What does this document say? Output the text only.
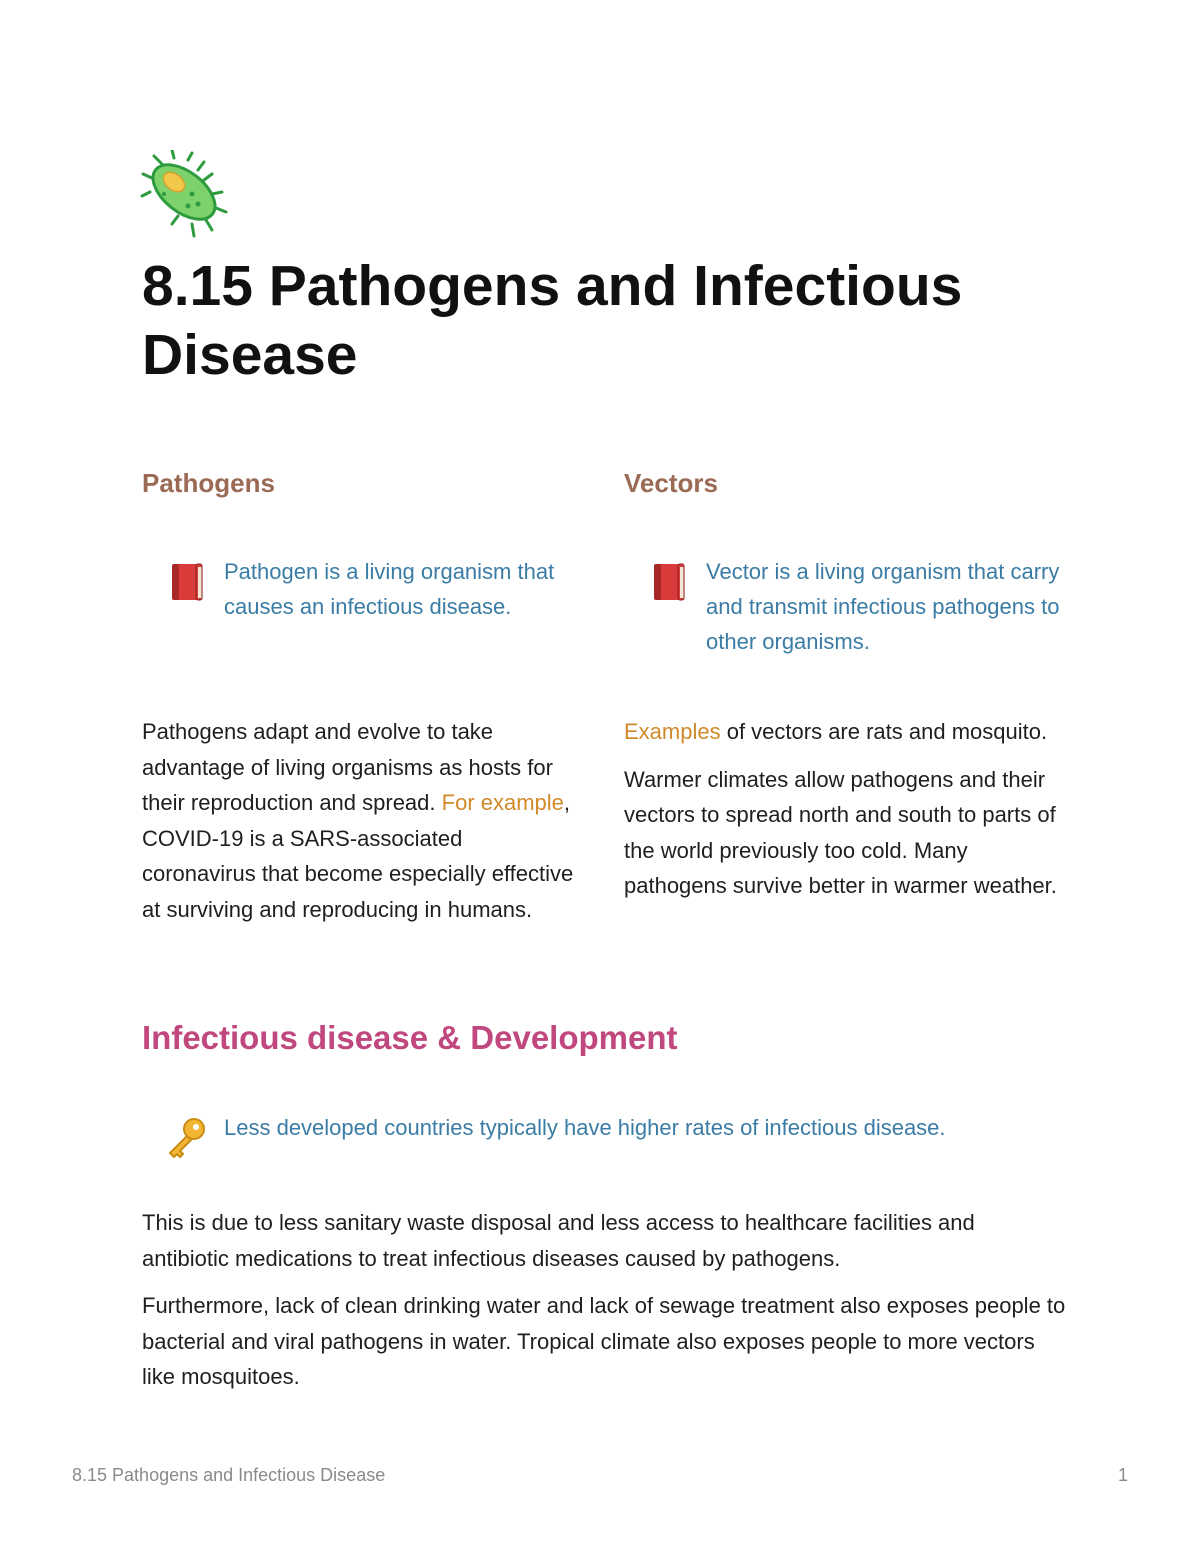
8.15 Pathogens and Infectious Disease
Pathogens
Pathogen is a living organism that causes an infectious disease.

Pathogens adapt and evolve to take advantage of living organisms as hosts for their reproduction and spread. For example, COVID-19 is a SARS-associated coronavirus that become especially effective at surviving and reproducing in humans.

Vectors
Vector is a living organism that carry and transmit infectious pathogens to other organisms.

Examples of vectors are rats and mosquito.

Warmer climates allow pathogens and their vectors to spread north and south to parts of the world previously too cold. Many pathogens survive better in warmer weather.

Infectious disease & Development
Less developed countries typically have higher rates of infectious disease.

This is due to less sanitary waste disposal and less access to healthcare facilities and antibiotic medications to treat infectious diseases caused by pathogens.

Furthermore, lack of clean drinking water and lack of sewage treatment also exposes people to bacterial and viral pathogens in water. Tropical climate also exposes people to more vectors like mosquitoes.

8.15 Pathogens and Infectious Disease	1
